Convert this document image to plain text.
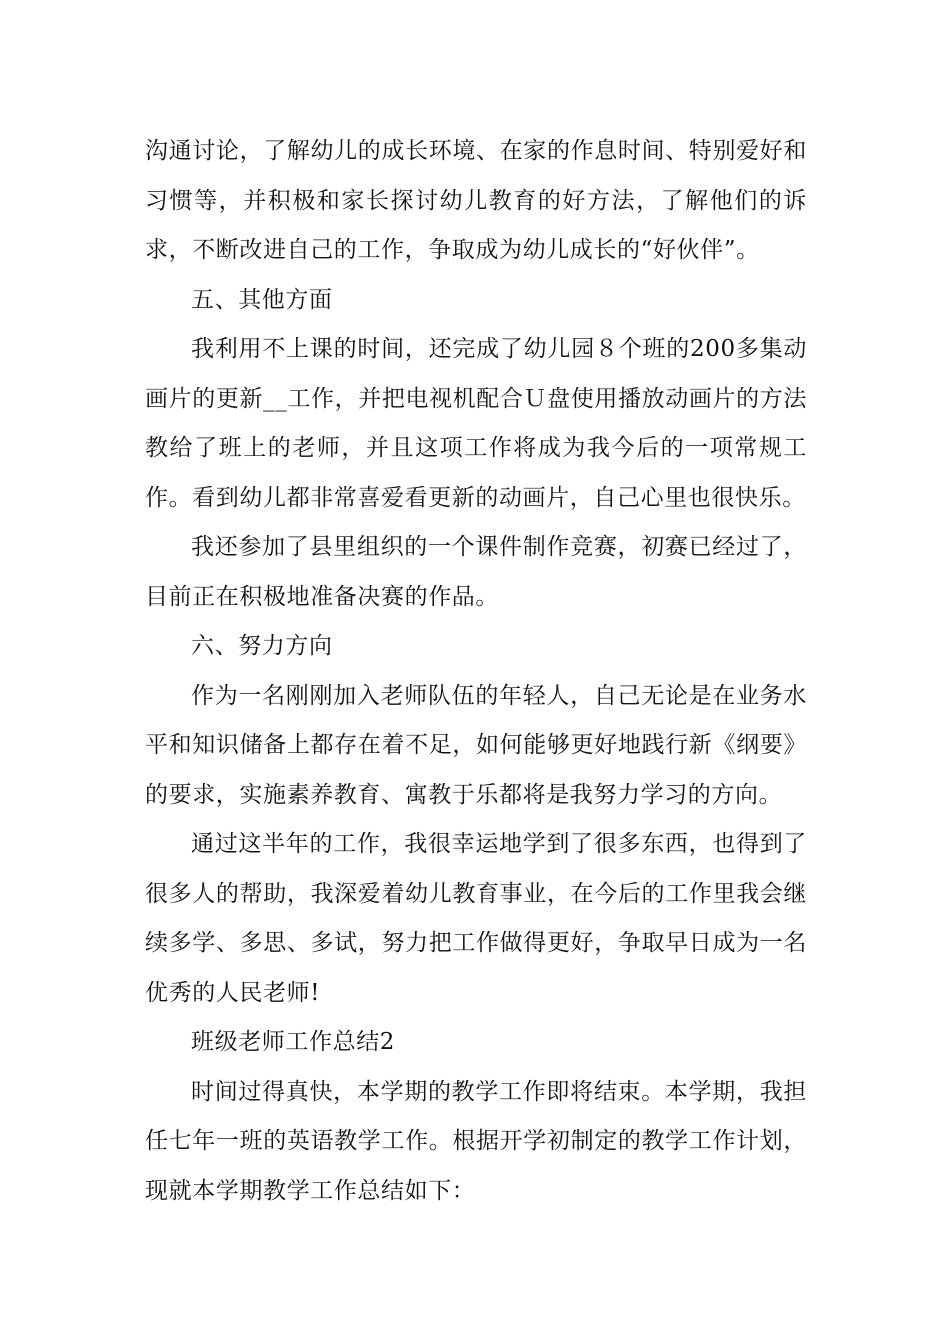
沟通讨论，了解幼儿的成长环境、在家的作息时间、特别爱好和习惯等，并积极和家长探讨幼儿教育的好方法，了解他们的诉求，不断改进自己的工作，争取成为幼儿成长的“好伙伴”。

五、其他方面

我利用不上课的时间，还完成了幼儿园８个班的200多集动画片的更新__工作，并把电视机配合Ｕ盘使用播放动画片的方法教给了班上的老师，并且这项工作将成为我今后的一项常规工作。看到幼儿都非常喜爱看更新的动画片，自己心里也很快乐。

我还参加了县里组织的一个课件制作竞赛，初赛已经过了，目前正在积极地准备决赛的作品。

六、努力方向

作为一名刚刚加入老师队伍的年轻人，自己无论是在业务水平和知识储备上都存在着不足，如何能够更好地践行新《纲要》的要求，实施素养教育、寓教于乐都将是我努力学习的方向。

通过这半年的工作，我很幸运地学到了很多东西，也得到了很多人的帮助，我深爱着幼儿教育事业，在今后的工作里我会继续多学、多思、多试，努力把工作做得更好，争取早日成为一名优秀的人民老师!

班级老师工作总结2

时间过得真快，本学期的教学工作即将结束。本学期，我担任七年一班的英语教学工作。根据开学初制定的教学工作计划，现就本学期教学工作总结如下：
